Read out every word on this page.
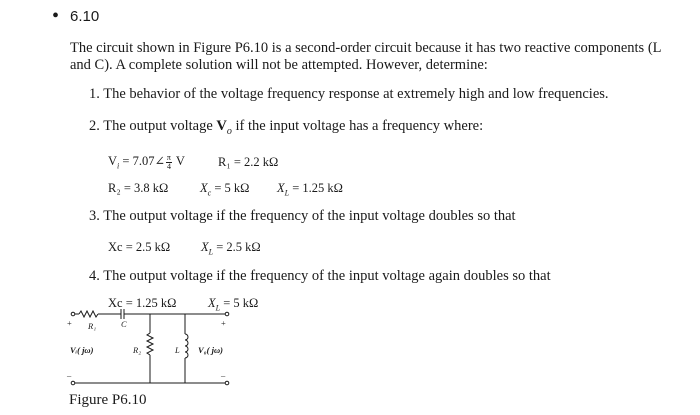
• 6.10
The circuit shown in Figure P6.10 is a second-order circuit because it has two reactive components (L
and C). A complete solution will not be attempted. However, determine:
1. The behavior of the voltage frequency response at extremely high and low frequencies.
2. The output voltage $V_o$ if the input voltage has a frequency where:
$V_i$ = 7.07∠ $\frac{\pi}{4}$ V	R₁ = 2.2 kΩ
R₂ = 3.8 kΩ	$X_c = 5$ kΩ $X_L = 1.25$ kΩ
3. The output voltage if the frequency of the input voltage doubles so that
Xc = 2.5 kΩ $X_L = 2.5$ kΩ
4. The output voltage if the frequency of the input voltage again doubles so that
Xc = 1.25 kΩ	$X_L = 5$ kΩ
R₁	C
+	+
Vᵢ( jω)	R₂	L V₀( jω)
–	–
Figure P6.10
